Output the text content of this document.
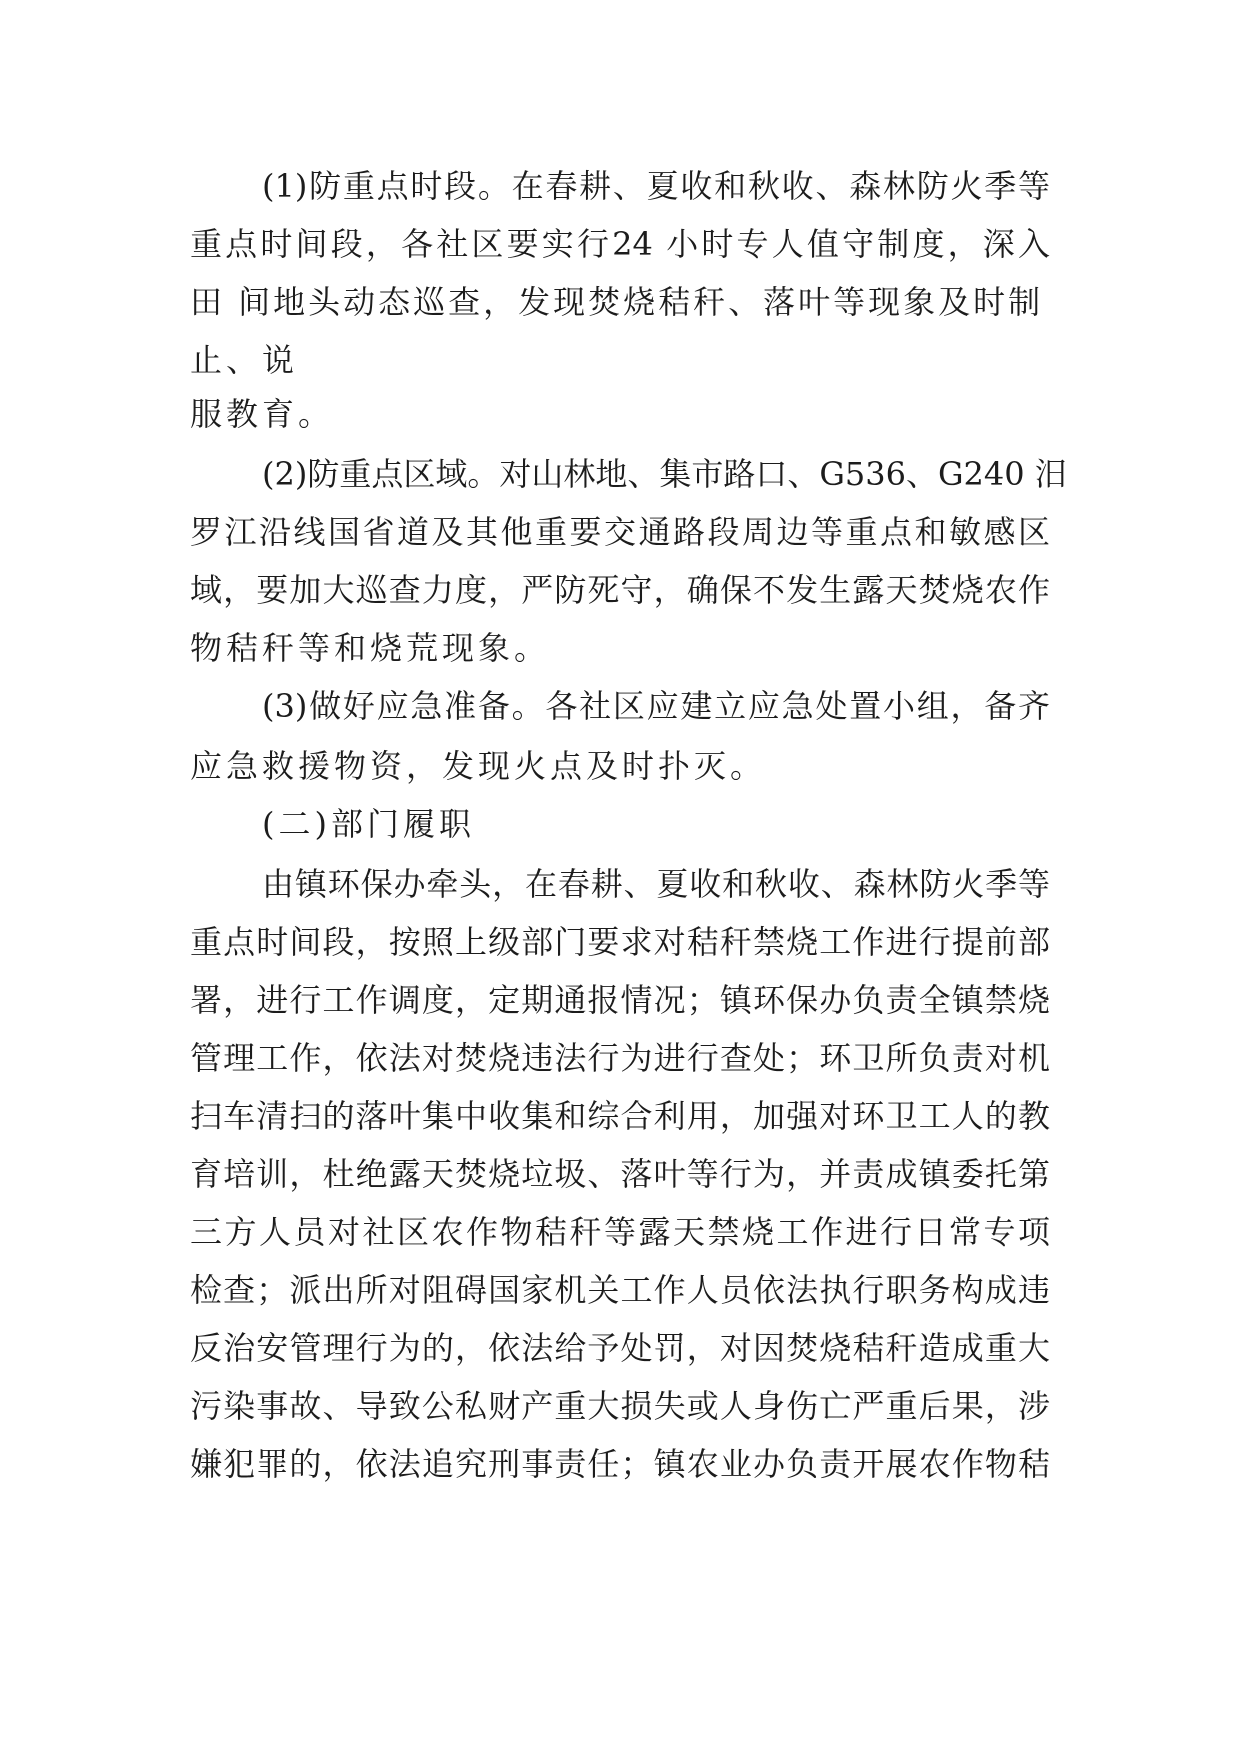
(1)防重点时段。在春耕、夏收和秋收、森林防火季等
重点时间段，各社区要实行24 小时专人值守制度，深入
田 间地头动态巡查，发现焚烧秸秆、落叶等现象及时制
止、说
服教育。
(2)防重点区域。对山林地、集市路口、G536、G240 汨
罗江沿线国省道及其他重要交通路段周边等重点和敏感区
域，要加大巡查力度，严防死守，确保不发生露天焚烧农作
物秸秆等和烧荒现象。
(3)做好应急准备。各社区应建立应急处置小组，备齐
应急救援物资，发现火点及时扑灭。
(二)部门履职
由镇环保办牵头，在春耕、夏收和秋收、森林防火季等
重点时间段，按照上级部门要求对秸秆禁烧工作进行提前部
署，进行工作调度，定期通报情况；镇环保办负责全镇禁烧
管理工作，依法对焚烧违法行为进行查处；环卫所负责对机
扫车清扫的落叶集中收集和综合利用，加强对环卫工人的教
育培训，杜绝露天焚烧垃圾、落叶等行为，并责成镇委托第
三方人员对社区农作物秸秆等露天禁烧工作进行日常专项
检查；派出所对阻碍国家机关工作人员依法执行职务构成违
反治安管理行为的，依法给予处罚，对因焚烧秸秆造成重大
污染事故、导致公私财产重大损失或人身伤亡严重后果，涉
嫌犯罪的，依法追究刑事责任；镇农业办负责开展农作物秸
